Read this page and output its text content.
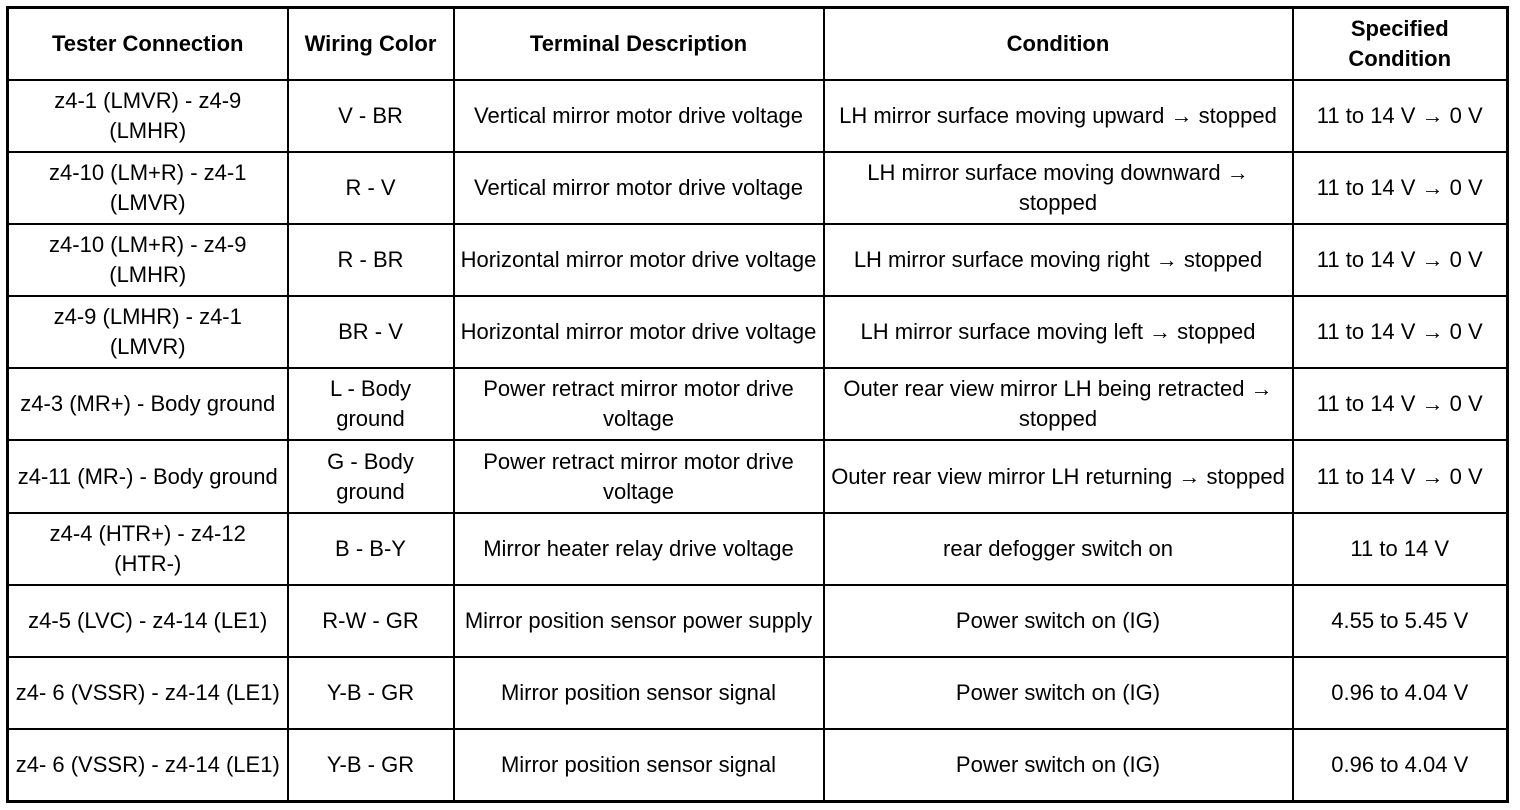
Tester Connection	Wiring Color	Terminal Description	Condition	Specified Condition
z4-1 (LMVR) - z4-9 (LMHR)	V - BR	Vertical mirror motor drive voltage	LH mirror surface moving upward → stopped	11 to 14 V → 0 V
z4-10 (LM+R) - z4-1 (LMVR)	R - V	Vertical mirror motor drive voltage	LH mirror surface moving downward → stopped	11 to 14 V → 0 V
z4-10 (LM+R) - z4-9 (LMHR)	R - BR	Horizontal mirror motor drive voltage	LH mirror surface moving right → stopped	11 to 14 V → 0 V
z4-9 (LMHR) - z4-1 (LMVR)	BR - V	Horizontal mirror motor drive voltage	LH mirror surface moving left → stopped	11 to 14 V → 0 V
z4-3 (MR+) - Body ground	L - Body ground	Power retract mirror motor drive voltage	Outer rear view mirror LH being retracted → stopped	11 to 14 V → 0 V
z4-11 (MR-) - Body ground	G - Body ground	Power retract mirror motor drive voltage	Outer rear view mirror LH returning → stopped	11 to 14 V → 0 V
z4-4 (HTR+) - z4-12 (HTR-)	B - B-Y	Mirror heater relay drive voltage	rear defogger switch on	11 to 14 V
z4-5 (LVC) - z4-14 (LE1)	R-W - GR	Mirror position sensor power supply	Power switch on (IG)	4.55 to 5.45 V
z4- 6 (VSSR) - z4-14 (LE1)	Y-B - GR	Mirror position sensor signal	Power switch on (IG)	0.96 to 4.04 V
z4- 6 (VSSR) - z4-14 (LE1)	Y-B - GR	Mirror position sensor signal	Power switch on (IG)	0.96 to 4.04 V
